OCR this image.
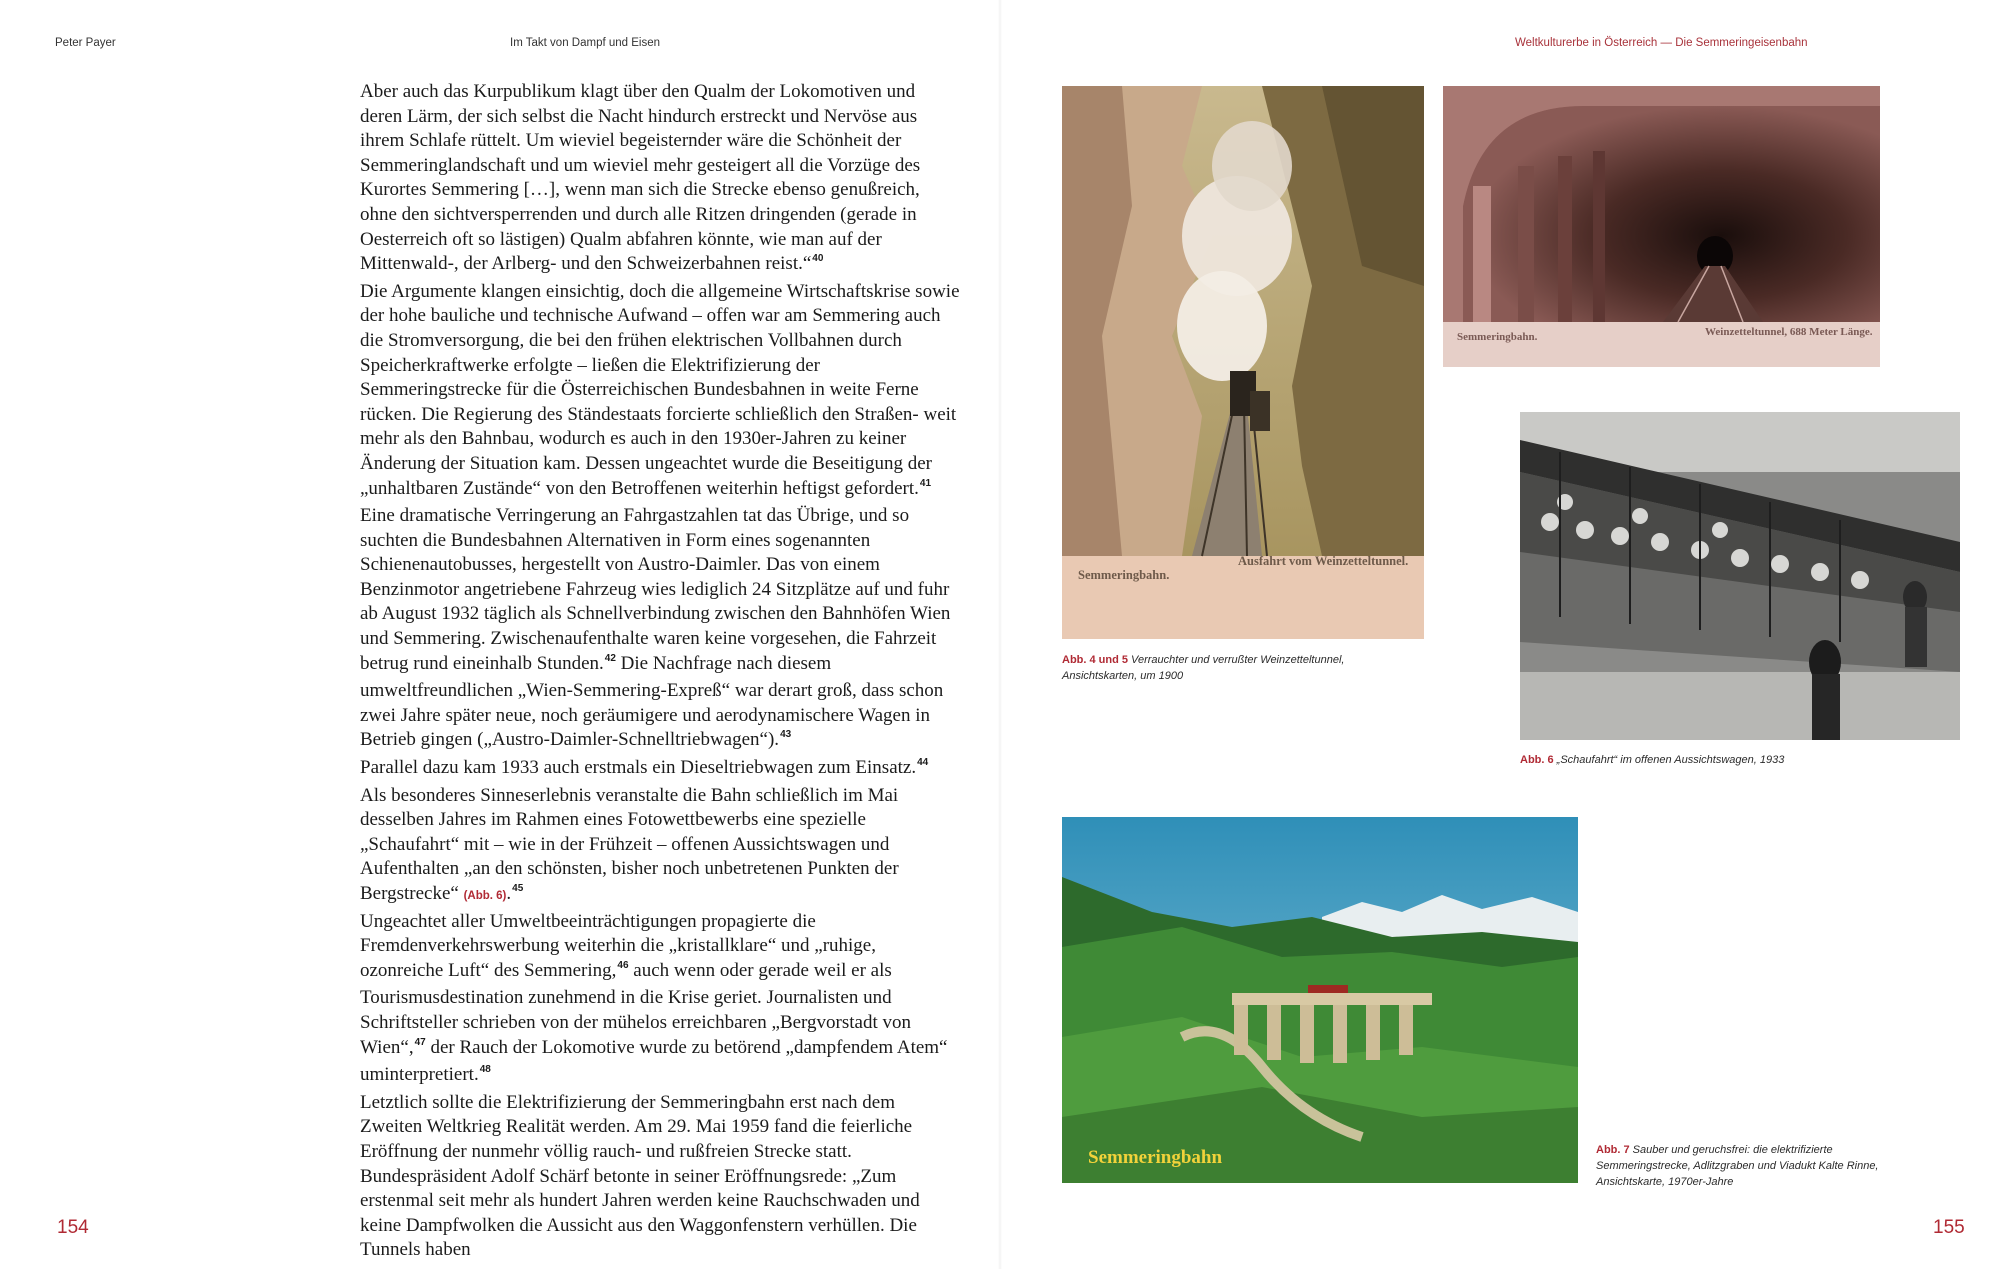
Peter Payer	Im Takt von Dampf und Eisen	Weltkulturerbe in Österreich — Die Semmeringeisenbahn

Aber auch das Kurpublikum klagt über den Qualm der Lokomotiven und deren Lärm, der sich selbst die Nacht hindurch erstreckt und Nervöse aus ihrem Schlafe rüttelt. Um wieviel begeisternder wäre die Schönheit der Semmeringlandschaft und um wieviel mehr gesteigert all die Vorzüge des Kurortes Semmering […], wenn man sich die Strecke ebenso genußreich, ohne den sichtversperrenden und durch alle Ritzen dringenden (gerade in Oesterreich oft so lästigen) Qualm abfahren könnte, wie man auf der Mittenwald-, der Arlberg- und den Schweizerbahnen reist.“$^{40}$

Die Argumente klangen einsichtig, doch die allgemeine Wirtschaftskrise sowie der hohe bauliche und technische Aufwand – offen war am Semmering auch die Stromversorgung, die bei den frühen elektrischen Vollbahnen durch Speicherkraftwerke erfolgte – ließen die Elektrifizierung der Semmeringstrecke für die Österreichischen Bundesbahnen in weite Ferne rücken. Die Regierung des Ständestaats forcierte schließlich den Straßen- weit mehr als den Bahnbau, wodurch es auch in den 1930er-Jahren zu keiner Änderung der Situation kam. Dessen ungeachtet wurde die Beseitigung der „unhaltbaren Zustände“ von den Betroffenen weiterhin heftigst gefordert.$^{41}$

Eine dramatische Verringerung an Fahrgastzahlen tat das Übrige, und so suchten die Bundesbahnen Alternativen in Form eines sogenannten Schienenautobusses, hergestellt von Austro-Daimler. Das von einem Benzinmotor angetriebene Fahrzeug wies lediglich 24 Sitzplätze auf und fuhr ab August 1932 täglich als Schnellverbindung zwischen den Bahnhöfen Wien und Semmering. Zwischenaufenthalte waren keine vorgesehen, die Fahrzeit betrug rund eineinhalb Stunden.$^{42}$ Die Nachfrage nach diesem umweltfreundlichen „Wien-Semmering-Expreß“ war derart groß, dass schon zwei Jahre später neue, noch geräumigere und aerodynamischere Wagen in Betrieb gingen („Austro-Daimler-Schnelltriebwagen“).$^{43}$

Parallel dazu kam 1933 auch erstmals ein Dieseltriebwagen zum Einsatz.$^{44}$

Als besonderes Sinneserlebnis veranstalte die Bahn schließlich im Mai desselben Jahres im Rahmen eines Fotowettbewerbs eine spezielle „Schaufahrt“ mit – wie in der Frühzeit – offenen Aussichtswagen und Aufenthalten „an den schönsten, bisher noch unbetretenen Punkten der Bergstrecke“ (Abb. 6).$^{45}$

Ungeachtet aller Umweltbeeinträchtigungen propagierte die Fremdenverkehrswerbung weiterhin die „kristallklare“ und „ruhige, ozonreiche Luft“ des Semmering,$^{46}$ auch wenn oder gerade weil er als Tourismusdestination zunehmend in die Krise geriet. Journalisten und Schriftsteller schrieben von der mühelos erreichbaren „Bergvorstadt von Wien“,$^{47}$ der Rauch der Lokomotive wurde zu betörend „dampfendem Atem“ uminterpretiert.$^{48}$

Letztlich sollte die Elektrifizierung der Semmeringbahn erst nach dem Zweiten Weltkrieg Realität werden. Am 29. Mai 1959 fand die feierliche Eröffnung der nunmehr völlig rauch- und rußfreien Strecke statt. Bundespräsident Adolf Schärf betonte in seiner Eröffnungsrede: „Zum erstenmal seit mehr als hundert Jahren werden keine Rauchschwaden und keine Dampfwolken die Aussicht aus den Waggonfenstern verhüllen. Die Tunnels haben

Semmeringbahn.
Ausfahrt vom Weinzetteltunnel.
Semmeringbahn.	Weinzetteltunnel, 688 Meter Länge.
Abb. 4 und 5 Verrauchter und verrußter Weinzetteltunnel, Ansichtskarten, um 1900
Abb. 6 „Schaufahrt“ im offenen Aussichtswagen, 1933
Semmeringbahn	Abb. 7 Sauber und geruchsfrei: die elektrifizierte Semmeringstrecke, Adlitzgraben und Viadukt Kalte Rinne, Ansichtskarte, 1970er-Jahre
154	155
